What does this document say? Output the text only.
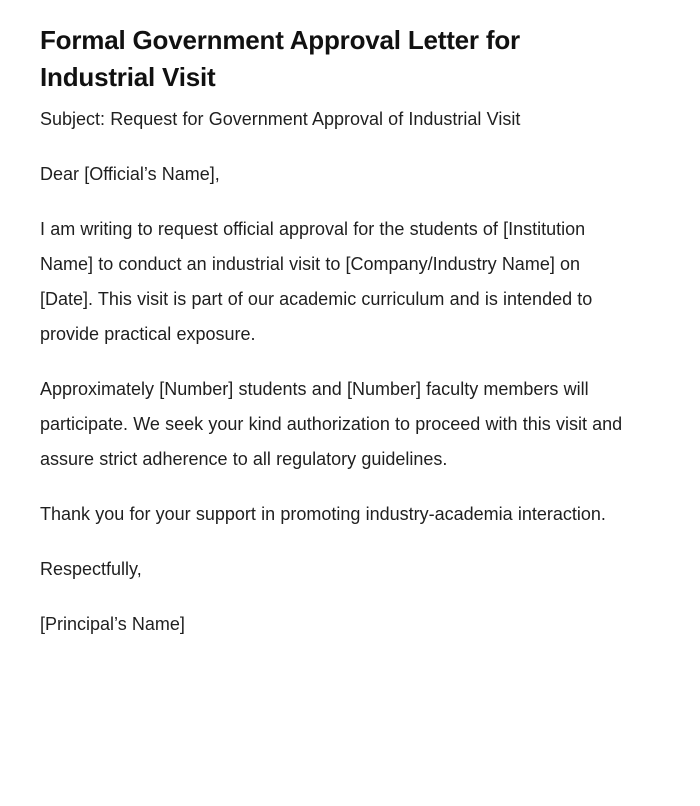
Formal Government Approval Letter for Industrial Visit

Subject: Request for Government Approval of Industrial Visit

Dear [Official’s Name],

I am writing to request official approval for the students of [Institution Name] to conduct an industrial visit to [Company/Industry Name] on [Date]. This visit is part of our academic curriculum and is intended to provide practical exposure.

Approximately [Number] students and [Number] faculty members will participate. We seek your kind authorization to proceed with this visit and assure strict adherence to all regulatory guidelines.

Thank you for your support in promoting industry-academia interaction.

Respectfully,

[Principal’s Name]
